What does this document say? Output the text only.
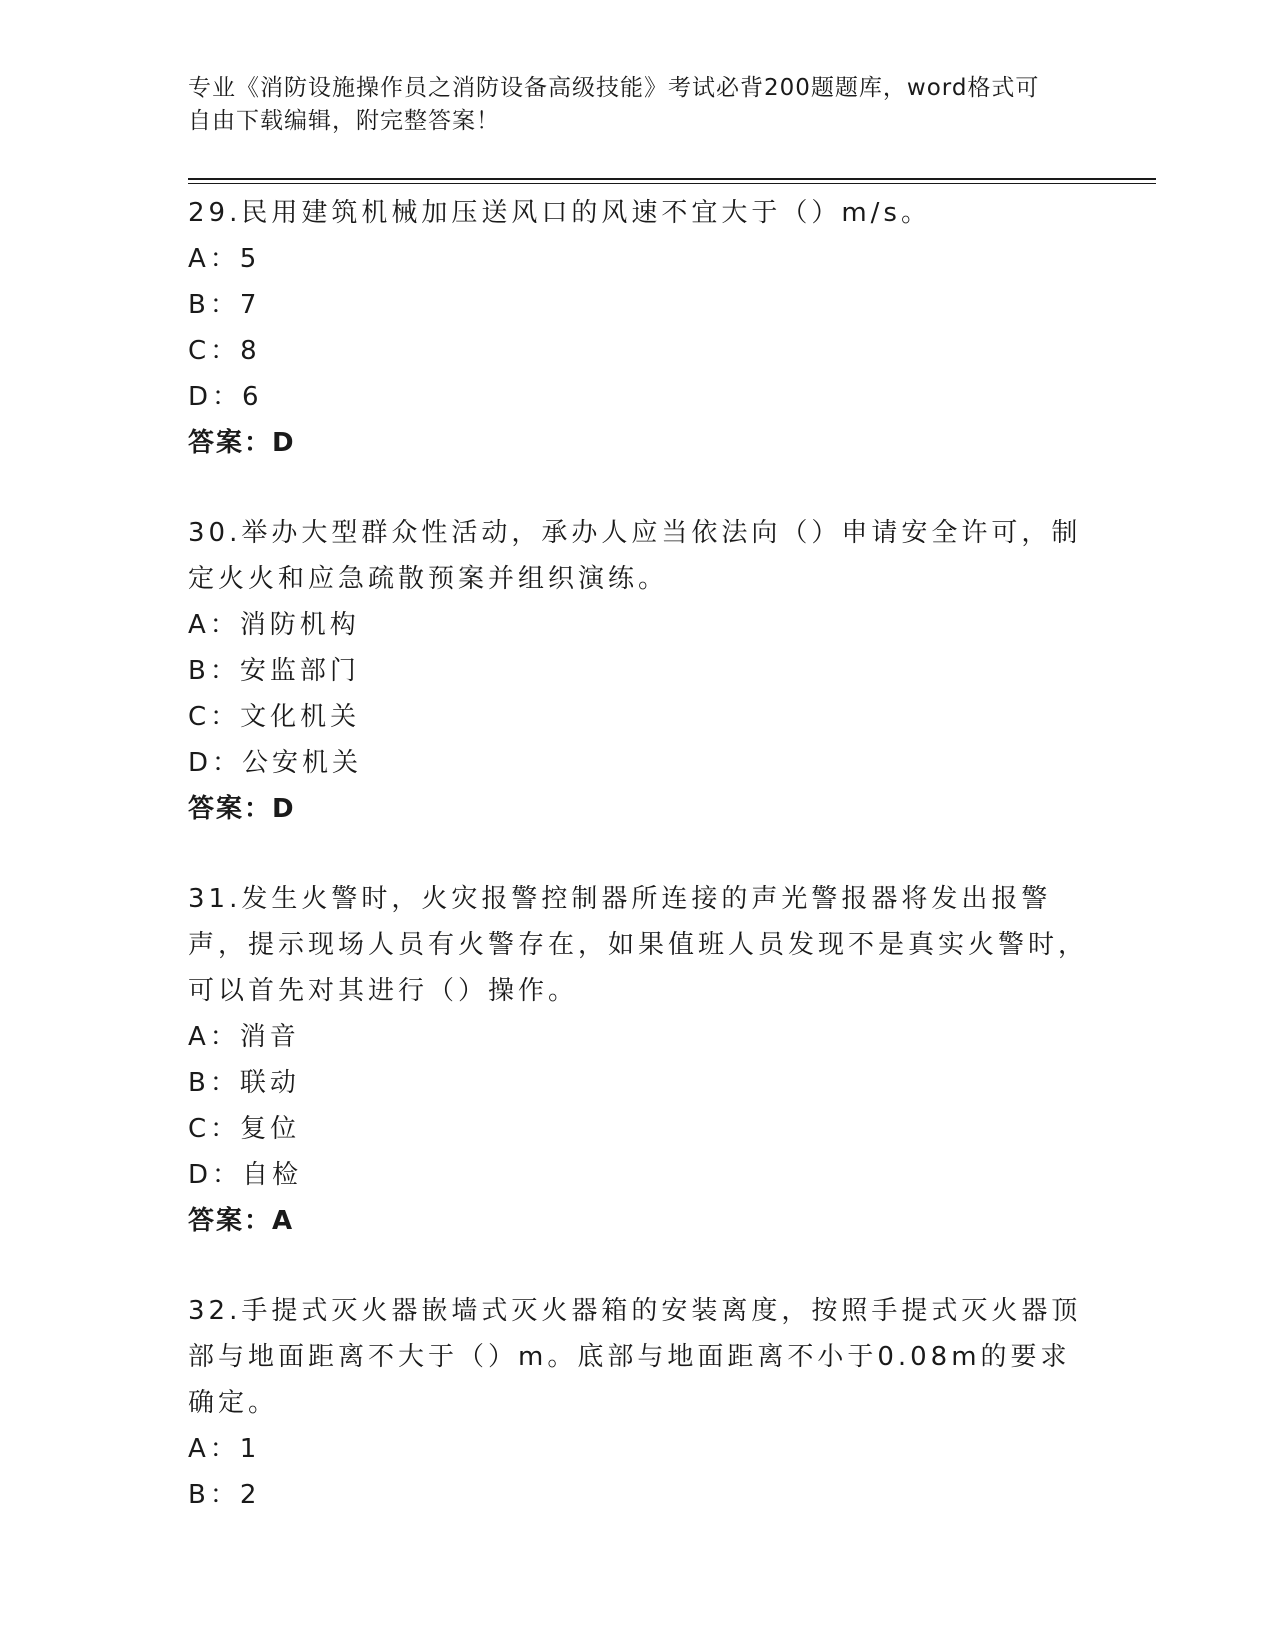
专业《消防设施操作员之消防设备高级技能》考试必背200题题库，word格式可
自由下载编辑，附完整答案！
29.民用建筑机械加压送风口的风速不宜大于（）m/s。
A：5
B：7
C：8
D：6
答案：D
30.举办大型群众性活动，承办人应当依法向（）申请安全许可，制定火火和应急疏散预案并组织演练。
A：消防机构
B：安监部门
C：文化机关
D：公安机关
答案：D
31.发生火警时，火灾报警控制器所连接的声光警报器将发出报警声，提示现场人员有火警存在，如果值班人员发现不是真实火警时，可以首先对其进行（）操作。
A：消音
B：联动
C：复位
D：自检
答案：A
32.手提式灭火器嵌墙式灭火器箱的安装离度，按照手提式灭火器顶部与地面距离不大于（）m。底部与地面距离不小于0.08m的要求确定。
A：1
B：2
